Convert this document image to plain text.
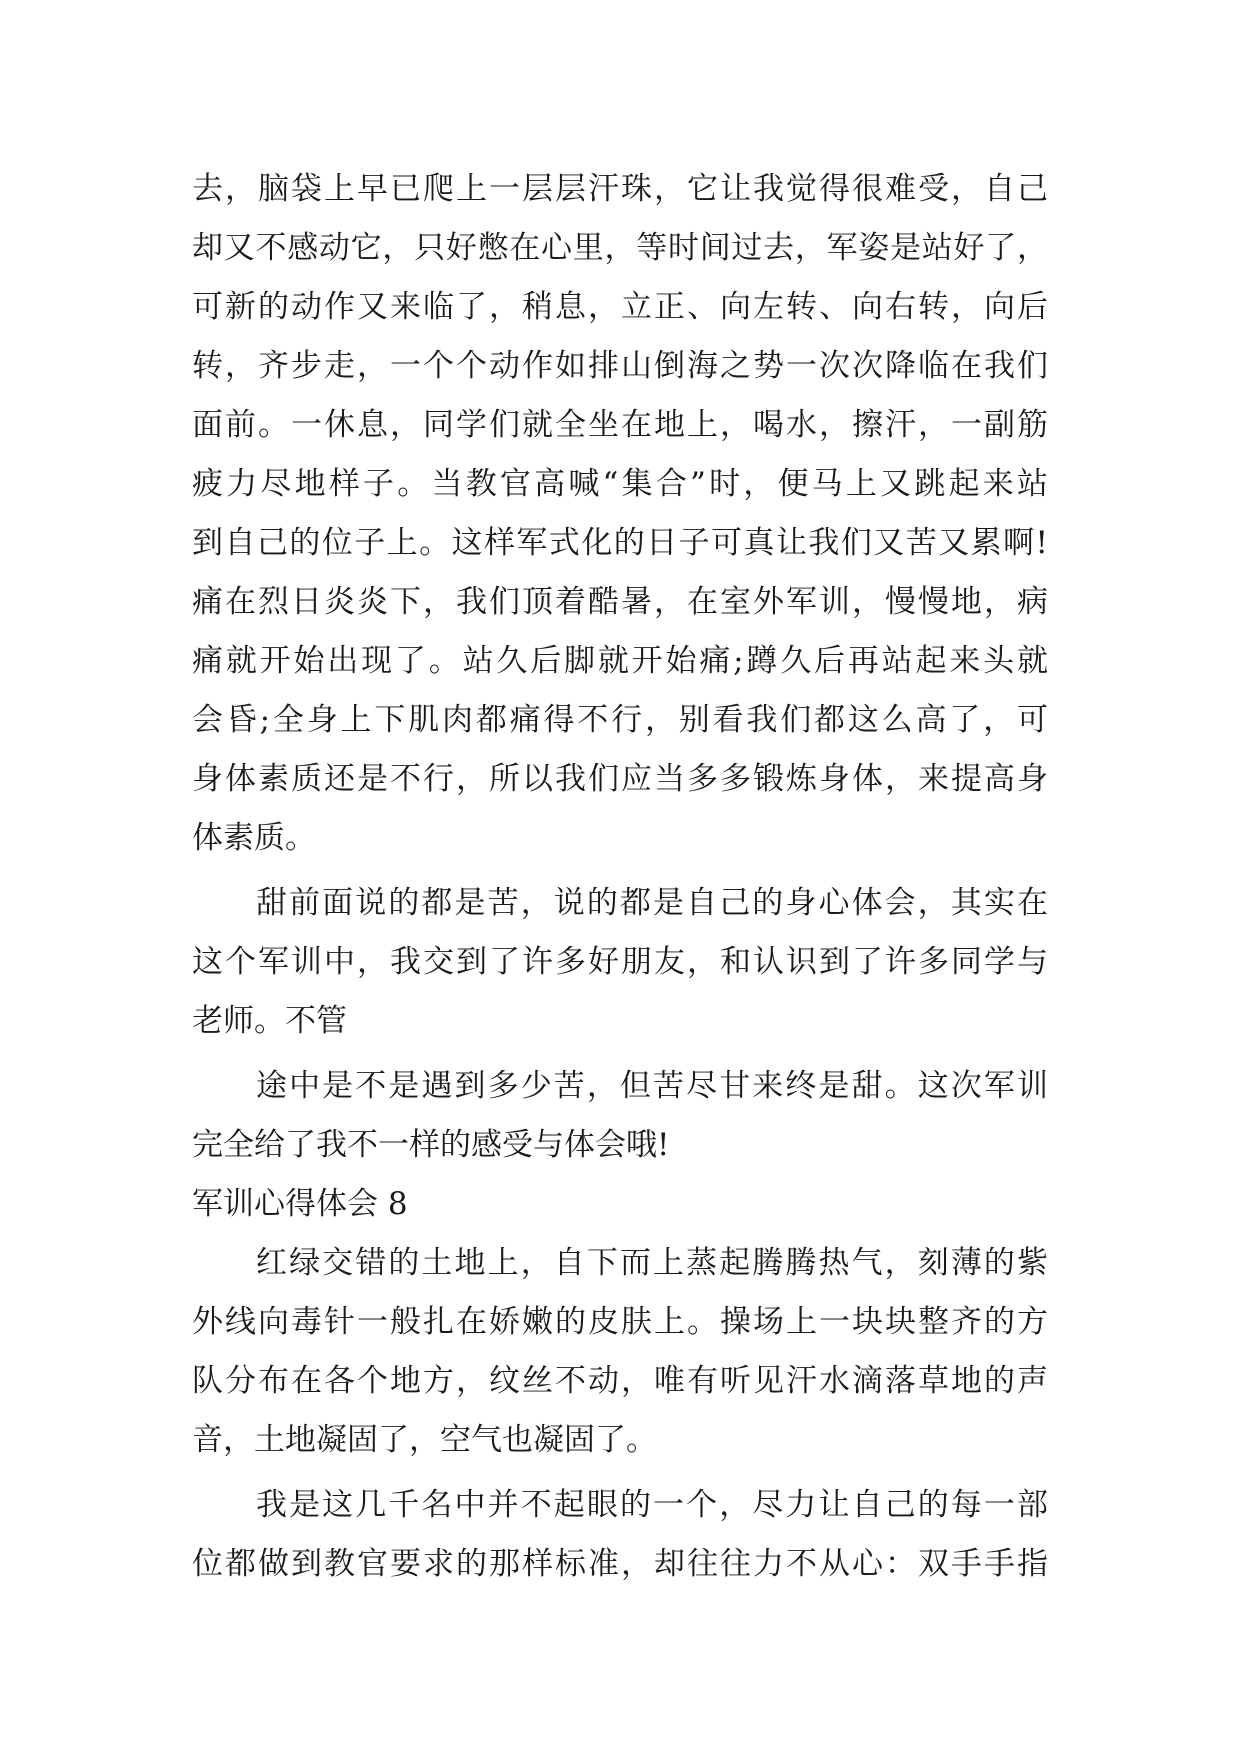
去，脑袋上早已爬上一层层汗珠，它让我觉得很难受，自己
却又不感动它，只好憋在心里，等时间过去，军姿是站好了，
可新的动作又来临了，稍息，立正、向左转、向右转，向后
转，齐步走，一个个动作如排山倒海之势一次次降临在我们
面前。一休息，同学们就全坐在地上，喝水，擦汗，一副筋
疲力尽地样子。当教官高喊“集合”时，便马上又跳起来站
到自己的位子上。这样军式化的日子可真让我们又苦又累啊!
痛在烈日炎炎下，我们顶着酷暑，在室外军训，慢慢地，病
痛就开始出现了。站久后脚就开始痛;蹲久后再站起来头就
会昏;全身上下肌肉都痛得不行，别看我们都这么高了，可
身体素质还是不行，所以我们应当多多锻炼身体，来提高身
体素质。
甜前面说的都是苦，说的都是自己的身心体会，其实在
这个军训中，我交到了许多好朋友，和认识到了许多同学与
老师。不管
途中是不是遇到多少苦，但苦尽甘来终是甜。这次军训
完全给了我不一样的感受与体会哦!
军训心得体会 8
红绿交错的土地上，自下而上蒸起腾腾热气，刻薄的紫
外线向毒针一般扎在娇嫩的皮肤上。操场上一块块整齐的方
队分布在各个地方，纹丝不动，唯有听见汗水滴落草地的声
音，土地凝固了，空气也凝固了。
我是这几千名中并不起眼的一个，尽力让自己的每一部
位都做到教官要求的那样标准，却往往力不从心：双手手指
